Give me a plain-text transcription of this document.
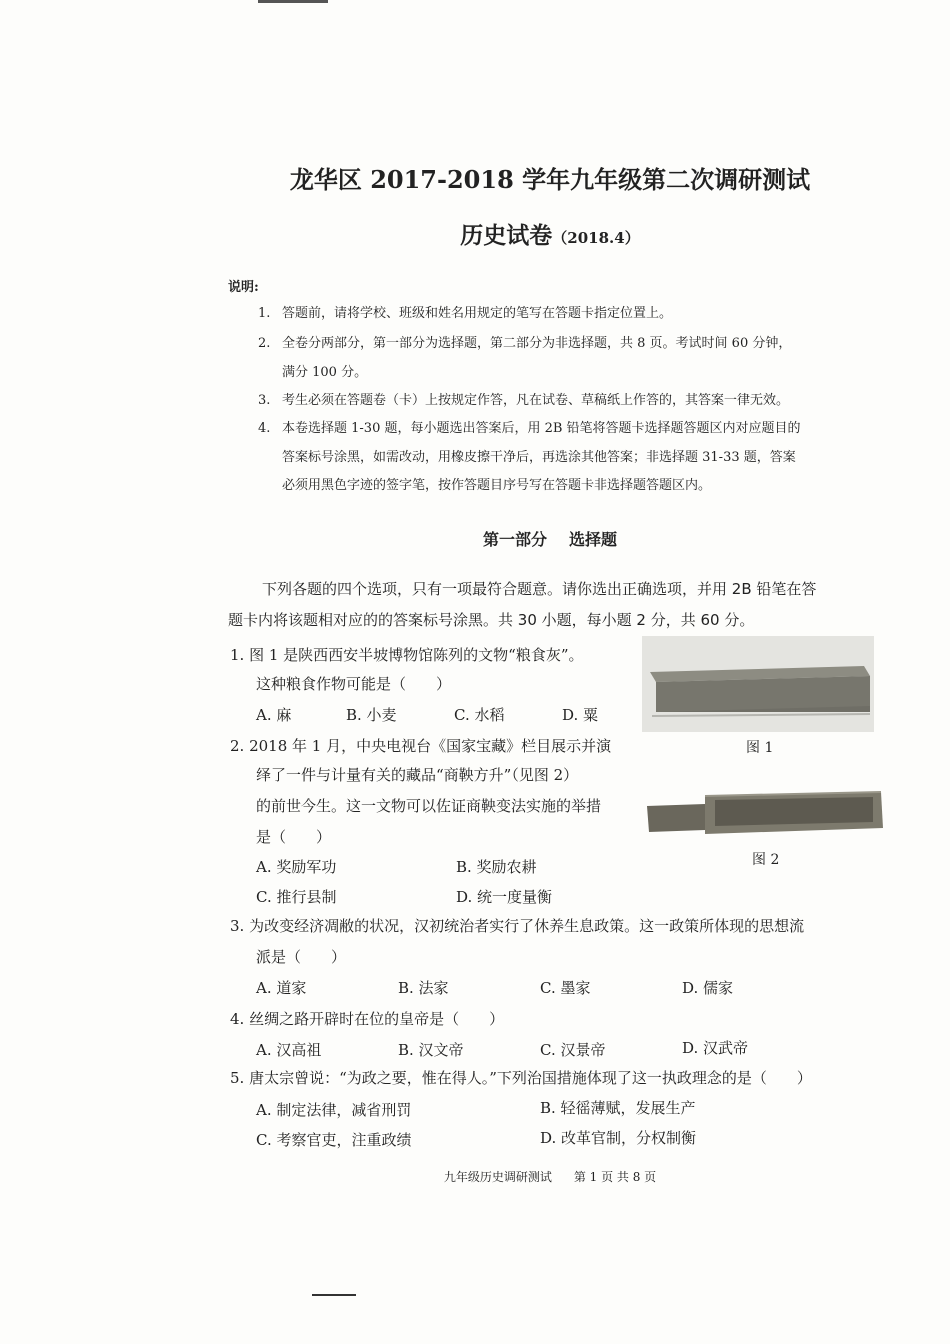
龙华区 2017-2018 学年九年级第二次调研测试
历史试卷（2018.4）
说明:
1. 答题前，请将学校、班级和姓名用规定的笔写在答题卡指定位置上。
2. 全卷分两部分，第一部分为选择题，第二部分为非选择题，共 8 页。考试时间 60 分钟，
满分 100 分。
3. 考生必须在答题卷（卡）上按规定作答，凡在试卷、草稿纸上作答的，其答案一律无效。
4. 本卷选择题 1-30 题，每小题选出答案后，用 2B 铅笔将答题卡选择题答题区内对应题目的
答案标号涂黑，如需改动，用橡皮擦干净后，再选涂其他答案；非选择题 31-33 题，答案
必须用黑色字迹的签字笔，按作答题目序号写在答题卡非选择题答题区内。
第一部分 选择题
下列各题的四个选项，只有一项最符合题意。请你选出正确选项，并用 2B 铅笔在答
题卡内将该题相对应的的答案标号涂黑。共 30 小题，每小题 2 分，共 60 分。
1. 图 1 是陕西西安半坡博物馆陈列的文物“粮食灰”。
这种粮食作物可能是（　　）
A. 麻	B. 小麦	C. 水稻	D. 粟
图 1
2. 2018 年 1 月，中央电视台《国家宝藏》栏目展示并演
绎了一件与计量有关的藏品“商鞅方升”（见图 2）
的前世今生。这一文物可以佐证商鞅变法实施的举措
是（　　）
A. 奖励军功	B. 奖励农耕
C. 推行县制	D. 统一度量衡
图 2
3. 为改变经济凋敝的状况，汉初统治者实行了休养生息政策。这一政策所体现的思想流
派是（　　）
A. 道家	B. 法家	C. 墨家	D. 儒家
4. 丝绸之路开辟时在位的皇帝是（　　）
A. 汉高祖	B. 汉文帝	C. 汉景帝	D. 汉武帝
5. 唐太宗曾说：“为政之要，惟在得人。”下列治国措施体现了这一执政理念的是（　　）
A. 制定法律，减省刑罚	B. 轻徭薄赋，发展生产
C. 考察官吏，注重政绩	D. 改革官制，分权制衡
九年级历史调研测试 第 1 页 共 8 页
